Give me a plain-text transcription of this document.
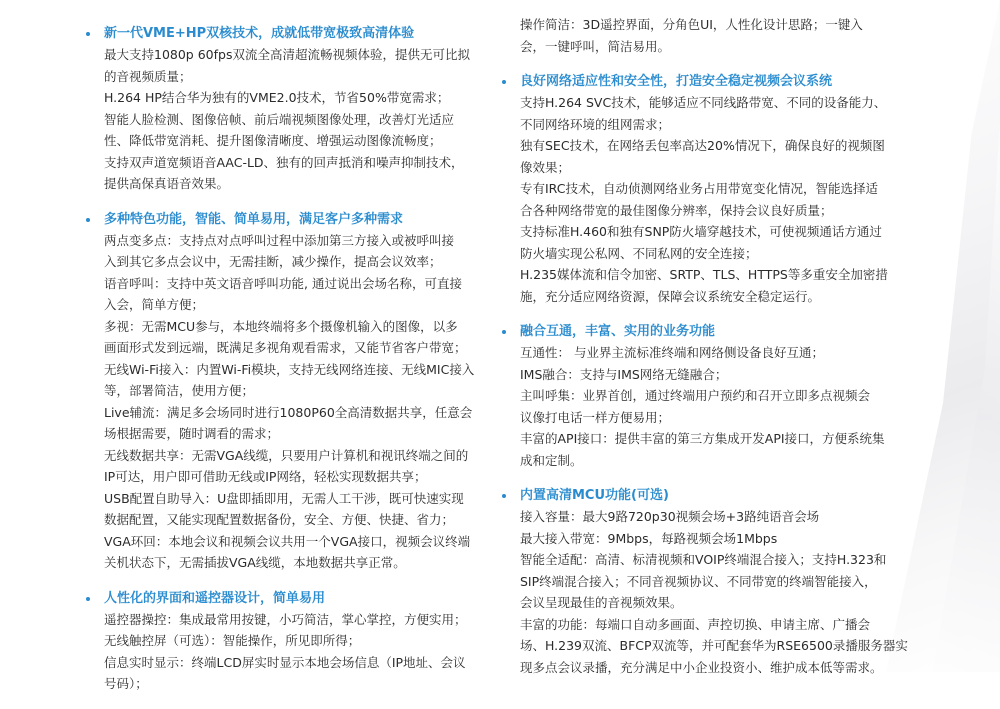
新一代VME+HP双核技术，成就低带宽极致高清体验
最大支持1080p 60fps双流全高清超流畅视频体验，提供无可比拟
的音视频质量；
H.264 HP结合华为独有的VME2.0技术，节省50%带宽需求；
智能人脸检测、图像倍帧、前后端视频图像处理，改善灯光适应
性、降低带宽消耗、提升图像清晰度、增强运动图像流畅度；
支持双声道宽频语音AAC-LD、独有的回声抵消和噪声抑制技术，
提供高保真语音效果。
多种特色功能，智能、简单易用，满足客户多种需求
两点变多点：支持点对点呼叫过程中添加第三方接入或被呼叫接
入到其它多点会议中，无需挂断，减少操作，提高会议效率；
语音呼叫：支持中英文语音呼叫功能, 通过说出会场名称，可直接
入会，简单方便；
多视：无需MCU参与，本地终端将多个摄像机输入的图像，以多
画面形式发到远端，既满足多视角观看需求，又能节省客户带宽；
无线Wi-Fi接入：内置Wi-Fi模块，支持无线网络连接、无线MIC接入
等，部署简洁，使用方便；
Live辅流：满足多会场同时进行1080P60全高清数据共享，任意会
场根据需要，随时调看的需求；
无线数据共享：无需VGA线缆，只要用户计算机和视讯终端之间的
IP可达，用户即可借助无线或IP网络，轻松实现数据共享；
USB配置自助导入：U盘即插即用，无需人工干涉，既可快速实现
数据配置，又能实现配置数据备份，安全、方便、快捷、省力；
VGA环回：本地会议和视频会议共用一个VGA接口，视频会议终端
关机状态下，无需插拔VGA线缆，本地数据共享正常。
人性化的界面和遥控器设计，简单易用
遥控器操控：集成最常用按键，小巧简洁，掌心掌控，方便实用；
无线触控屏（可选）：智能操作，所见即所得；
信息实时显示：终端LCD屏实时显示本地会场信息（IP地址、会议
号码）；
操作简洁：3D遥控界面，分角色UI，人性化设计思路；一键入
会，一键呼叫，简洁易用。
良好网络适应性和安全性，打造安全稳定视频会议系统
支持H.264 SVC技术，能够适应不同线路带宽、不同的设备能力、
不同网络环境的组网需求；
独有SEC技术，在网络丢包率高达20%情况下，确保良好的视频图
像效果；
专有IRC技术，自动侦测网络业务占用带宽变化情况，智能选择适
合各种网络带宽的最佳图像分辨率，保持会议良好质量；
支持标准H.460和独有SNP防火墙穿越技术，可使视频通话方通过
防火墙实现公私网、不同私网的安全连接；
H.235媒体流和信令加密、SRTP、TLS、HTTPS等多重安全加密措
施，充分适应网络资源，保障会议系统安全稳定运行。
融合互通，丰富、实用的业务功能
互通性： 与业界主流标准终端和网络侧设备良好互通；
IMS融合：支持与IMS网络无缝融合；
主叫呼集：业界首创，通过终端用户预约和召开立即多点视频会
议像打电话一样方便易用；
丰富的API接口：提供丰富的第三方集成开发API接口，方便系统集
成和定制。
内置高清MCU功能(可选)
接入容量：最大9路720p30视频会场+3路纯语音会场
最大接入带宽：9Mbps，每路视频会场1Mbps
智能全适配：高清、标清视频和VOIP终端混合接入；支持H.323和
SIP终端混合接入；不同音视频协议、不同带宽的终端智能接入，
会议呈现最佳的音视频效果。
丰富的功能：每端口自动多画面、声控切换、申请主席、广播会
场、H.239双流、BFCP双流等，并可配套华为RSE6500录播服务器实
现多点会议录播，充分满足中小企业投资小、维护成本低等需求。
